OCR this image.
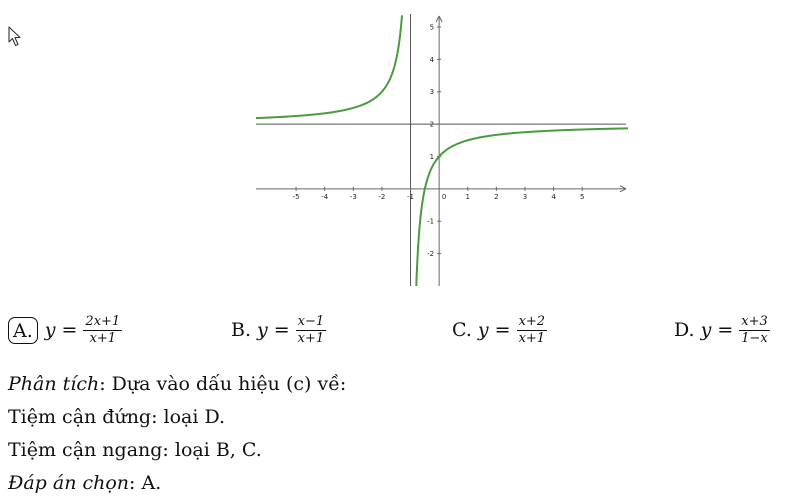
-5	-4	-3	-2	-1	0	1	2	3	4	5
-2
-1
1
2
3
4
5
A. $y = \frac{2x+1}{x+1}$	B. $y = \frac{x-1}{x+1}$	C. $y = \frac{x+2}{x+1}$	D. $y = \frac{x+3}{1-x}$
Phân tích: Dựa vào dấu hiệu (c) về:
Tiệm cận đứng: loại D.
Tiệm cận ngang: loại B, C.
Đáp án chọn: A.
